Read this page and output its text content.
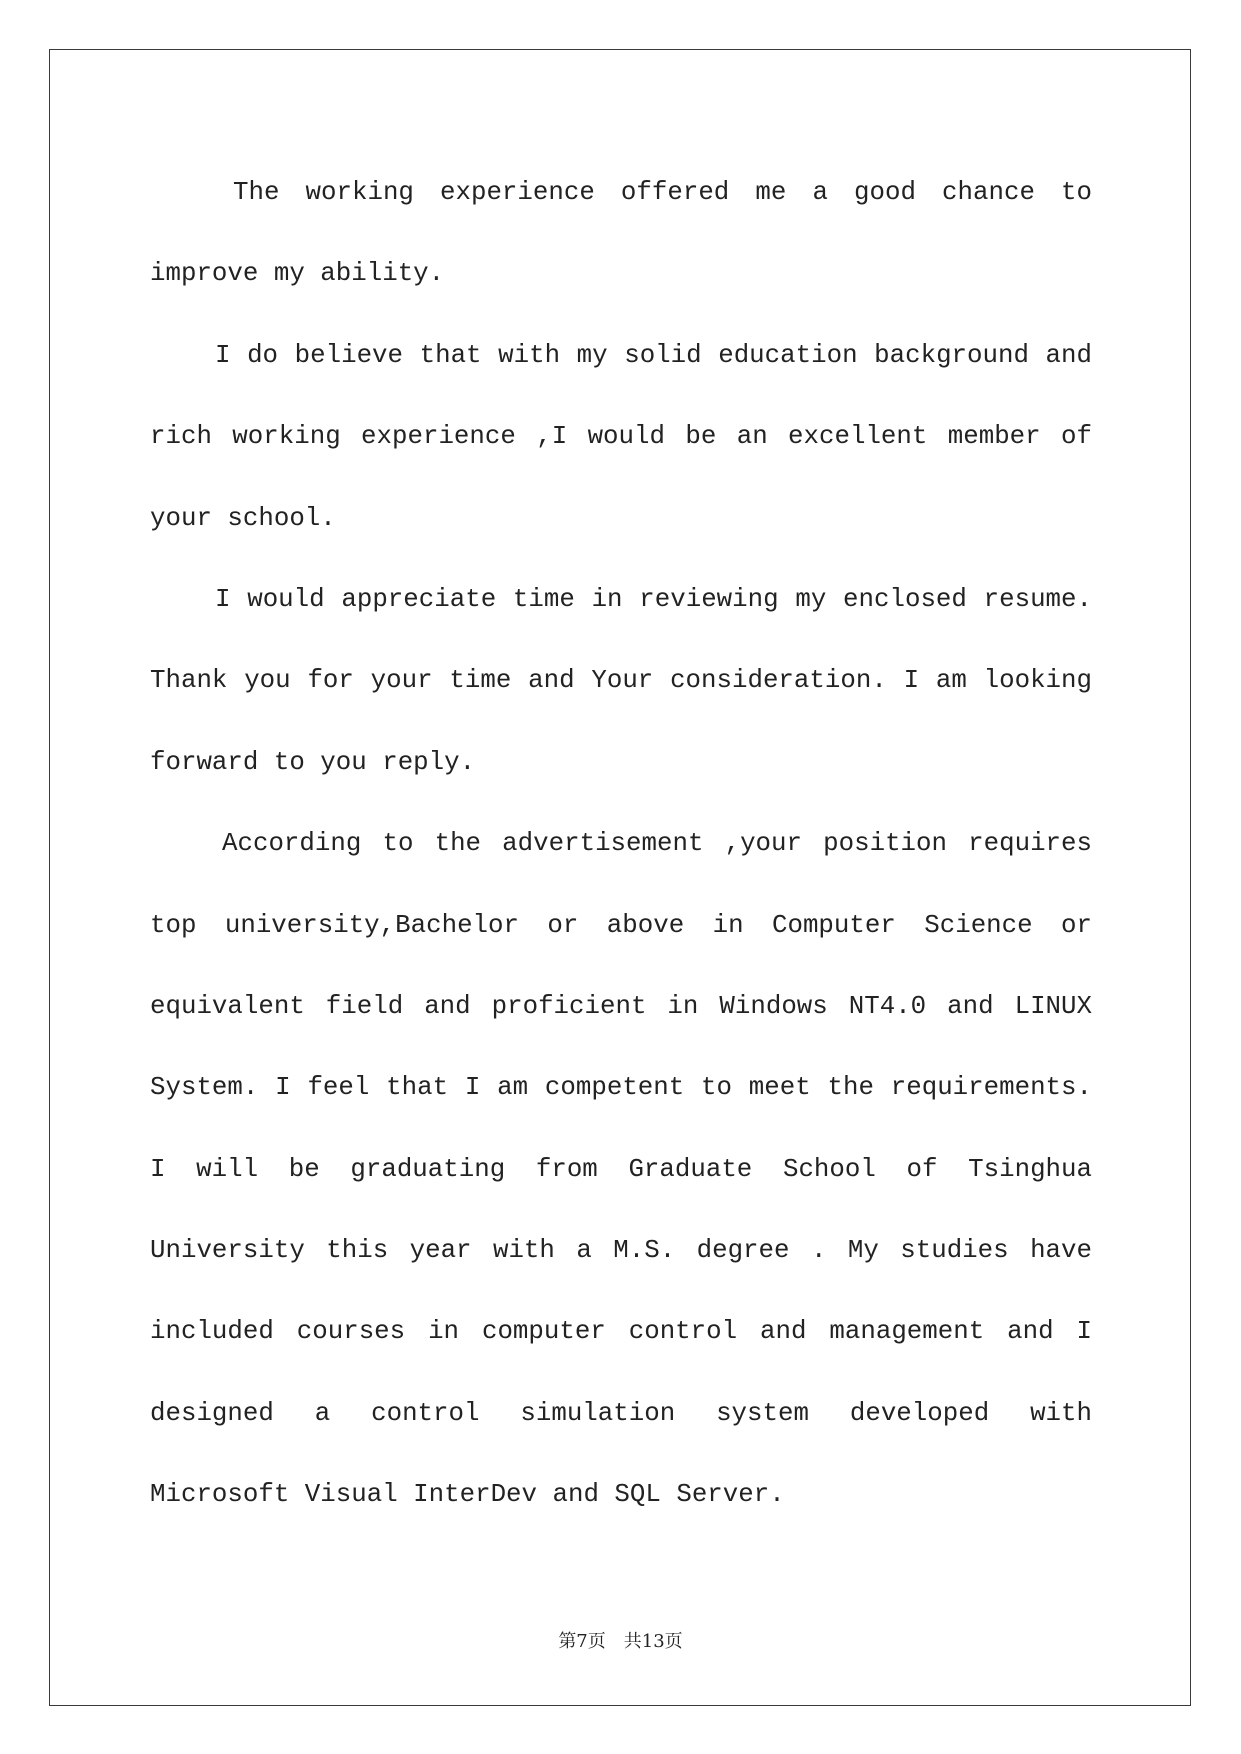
The working experience offered me a good chance to
improve my ability.
I do believe that with my solid education background and
rich working experience ,I would be an excellent member of
your school.
I would appreciate time in reviewing my enclosed resume.
Thank you for your time and Your consideration. I am looking
forward to you reply.
According to the advertisement ,your position requires
top university,Bachelor or above in Computer Science or
equivalent field and proficient in Windows NT4.0 and LINUX
System. I feel that I am competent to meet the requirements.
I will be graduating from Graduate School of Tsinghua
University this year with a M.S. degree . My studies have
included courses in computer control and management and I
designed a control simulation system developed with
Microsoft Visual InterDev and SQL Server.
第7页 共13页
